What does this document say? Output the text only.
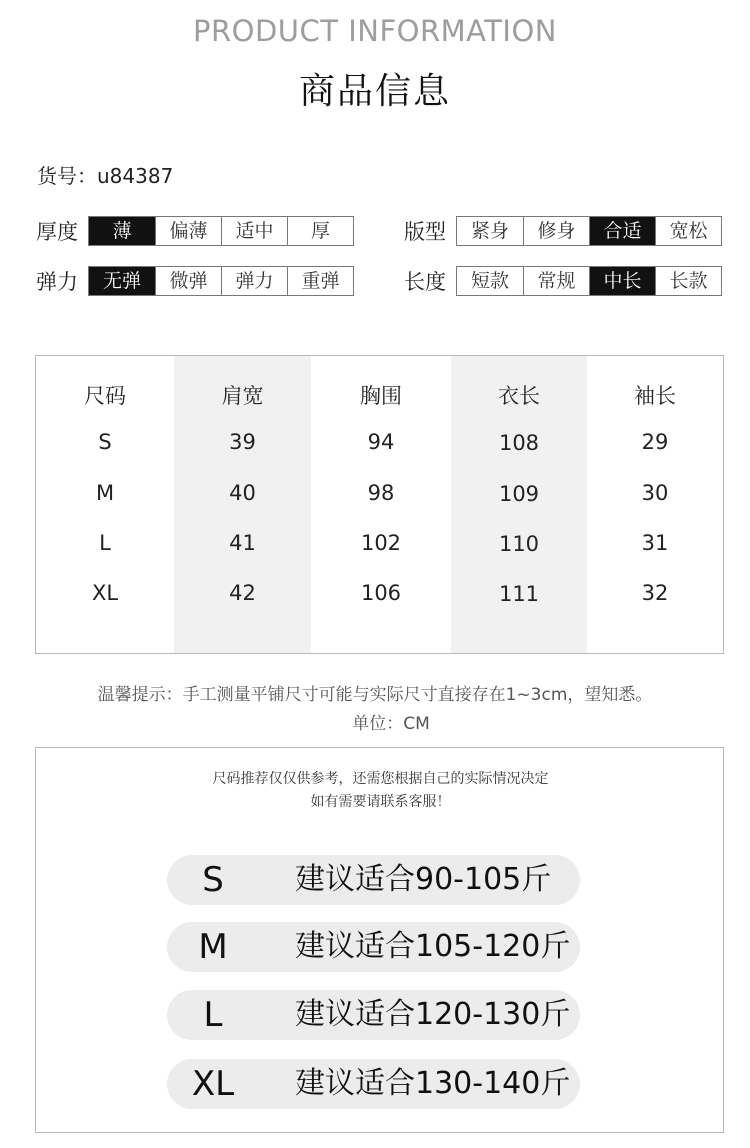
PRODUCT INFORMATION
商品信息
货号：u84387
厚度	薄	偏薄	适中	厚	版型	紧身	修身	合适	宽松
弹力	无弹	微弹	弹力	重弹	长度	短款	常规	中长	长款
尺码	肩宽	胸围	衣长	袖长
S	39	94	108	29
M	40	98	109	30
L	41	102	110	31
XL	42	106	111	32
温馨提示：手工测量平铺尺寸可能与实际尺寸直接存在1~3cm，望知悉。
单位：CM
尺码推荐仅仅供参考，还需您根据自己的实际情况决定
如有需要请联系客服！
S	建议适合90-105斤
M	建议适合105-120斤
L	建议适合120-130斤
XL	建议适合130-140斤
